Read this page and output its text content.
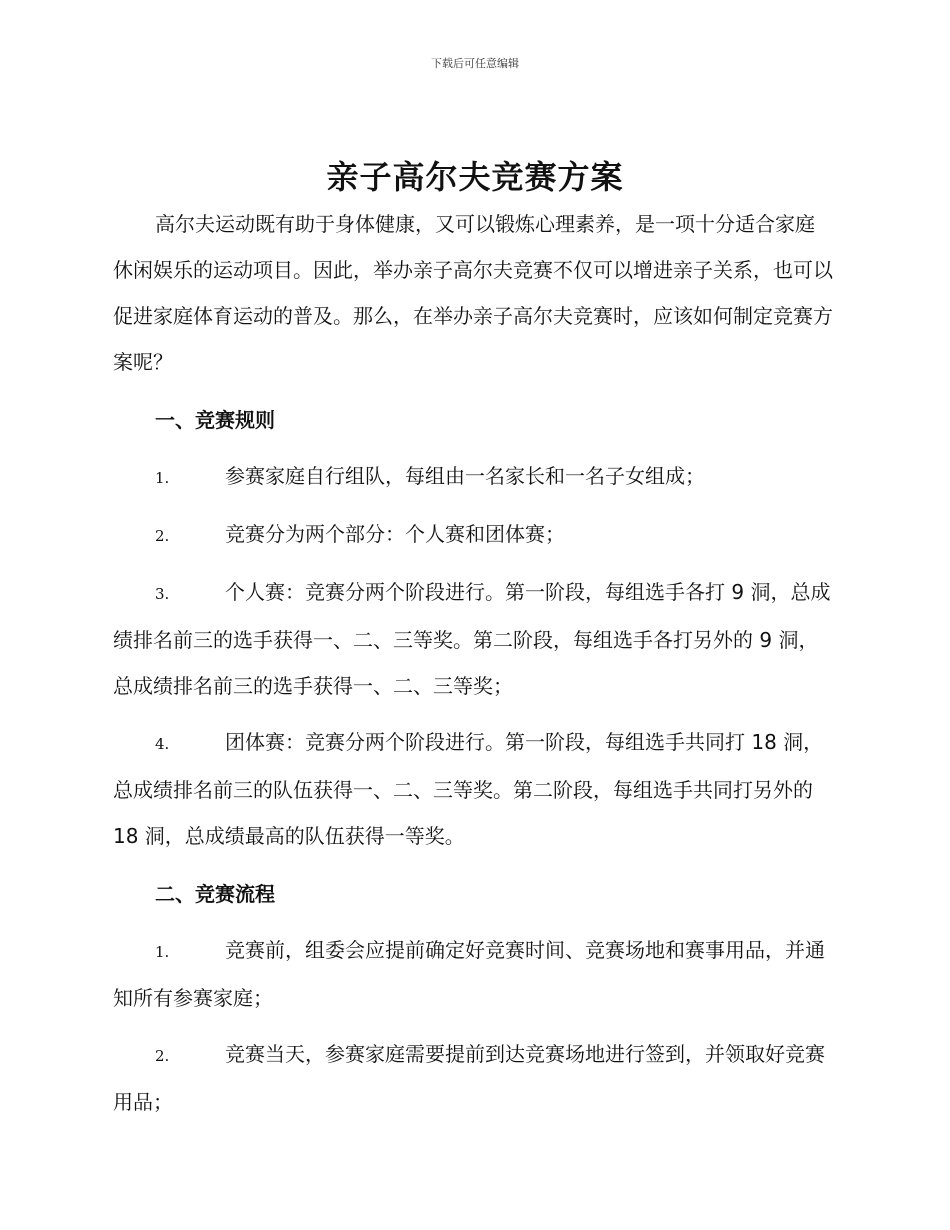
下载后可任意编辑
亲子高尔夫竞赛方案

高尔夫运动既有助于身体健康，又可以锻炼心理素养，是一项十分适合家庭休闲娱乐的运动项目。因此，举办亲子高尔夫竞赛不仅可以增进亲子关系，也可以促进家庭体育运动的普及。那么，在举办亲子高尔夫竞赛时，应该如何制定竞赛方案呢？

一、竞赛规则

1.	参赛家庭自行组队，每组由一名家长和一名子女组成；

2.	竞赛分为两个部分：个人赛和团体赛；

3.	个人赛：竞赛分两个阶段进行。第一阶段，每组选手各打 9 洞，总成绩排名前三的选手获得一、二、三等奖。第二阶段，每组选手各打另外的 9 洞，总成绩排名前三的选手获得一、二、三等奖；

4.	团体赛：竞赛分两个阶段进行。第一阶段，每组选手共同打 18 洞，总成绩排名前三的队伍获得一、二、三等奖。第二阶段，每组选手共同打另外的 18 洞，总成绩最高的队伍获得一等奖。

二、竞赛流程

1.	竞赛前，组委会应提前确定好竞赛时间、竞赛场地和赛事用品，并通知所有参赛家庭；

2.	竞赛当天，参赛家庭需要提前到达竞赛场地进行签到，并领取好竞赛用品；
